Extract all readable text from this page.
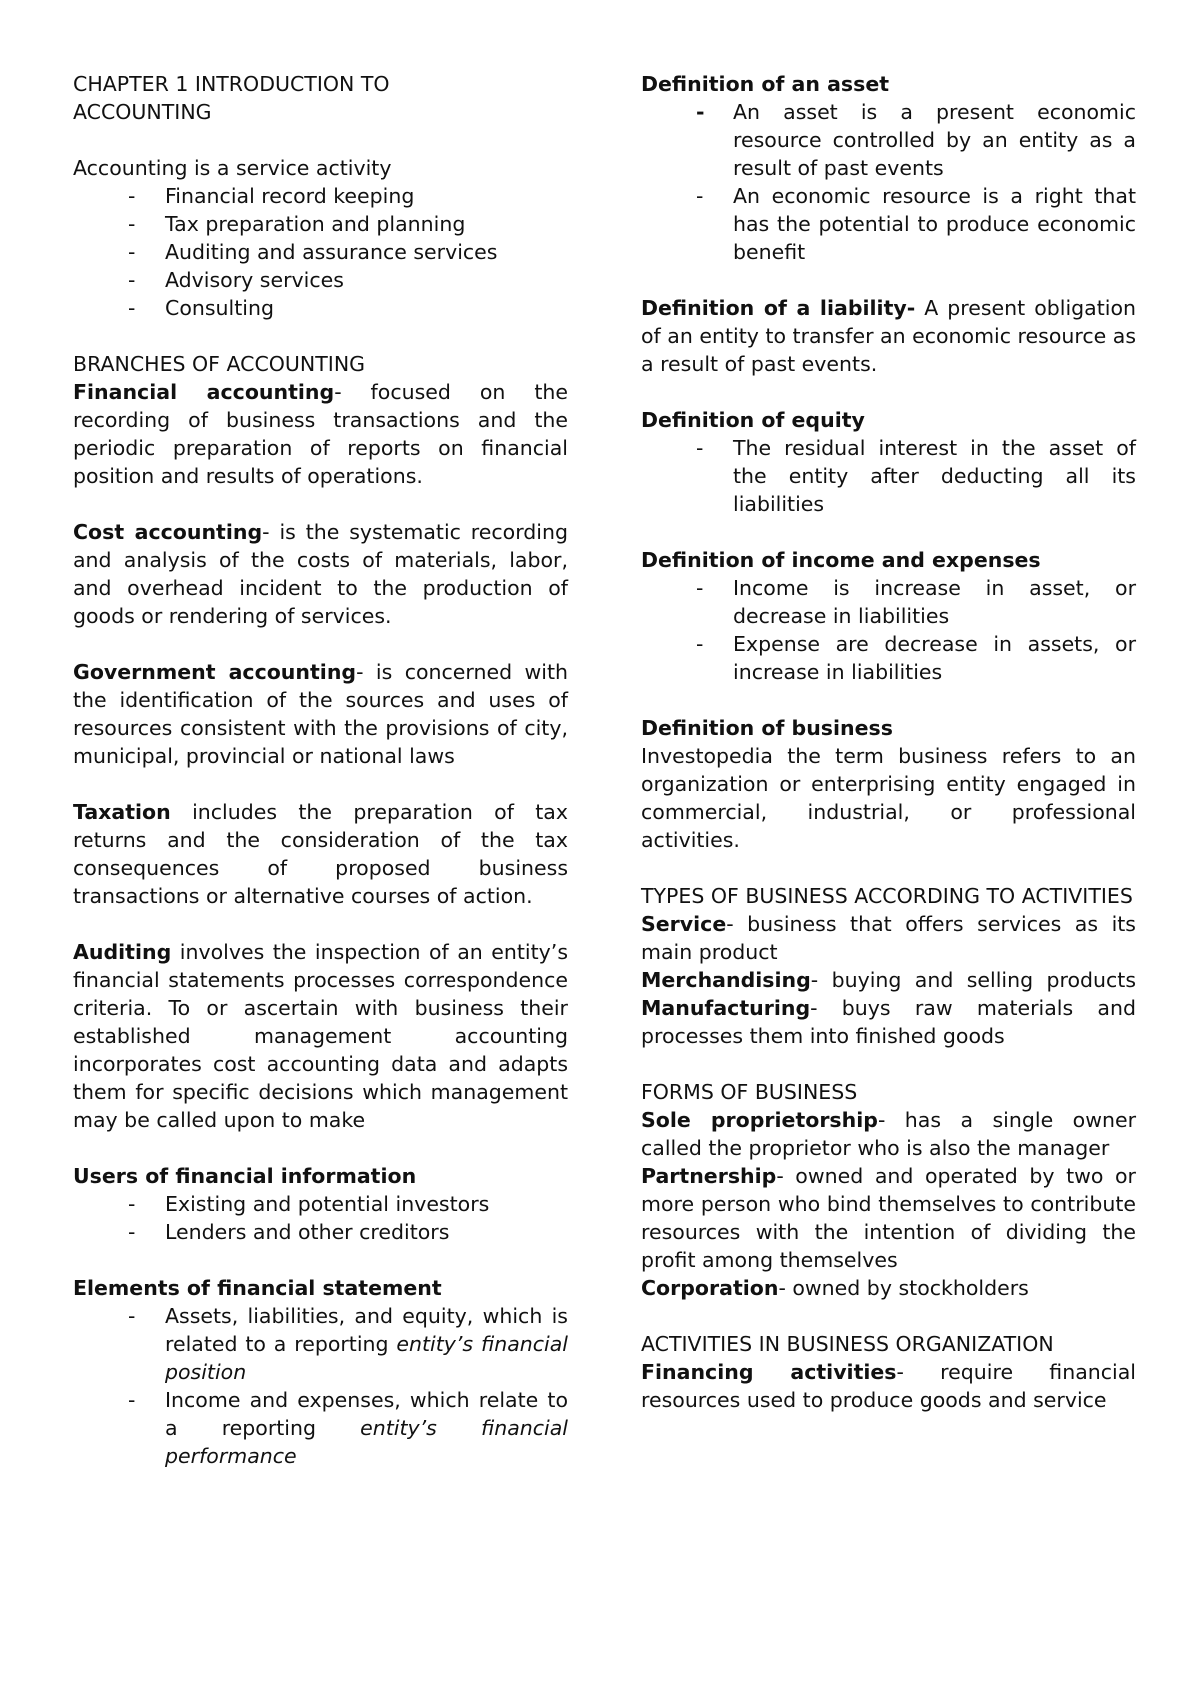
CHAPTER 1 INTRODUCTION TO
ACCOUNTING

Accounting is a service activity

- Financial record keeping
- Tax preparation and planning
- Auditing and assurance services
- Advisory services
- Consulting

BRANCHES OF ACCOUNTING

Financial accounting- focused on the recording of business transactions and the periodic preparation of reports on financial position and results of operations.

Cost accounting- is the systematic recording and analysis of the costs of materials, labor, and overhead incident to the production of goods or rendering of services.

Government accounting- is concerned with the identification of the sources and uses of resources consistent with the provisions of city, municipal, provincial or national laws

Taxation includes the preparation of tax returns and the consideration of the tax consequences of proposed business transactions or alternative courses of action.

Auditing involves the inspection of an entity’s financial statements processes correspondence criteria. To or ascertain with business their established management accounting incorporates cost accounting data and adapts them for specific decisions which management may be called upon to make

Users of financial information

- Existing and potential investors
- Lenders and other creditors

Elements of financial statement

- Assets, liabilities, and equity, which is related to a reporting entity’s financial position
- Income and expenses, which relate to a reporting entity’s financial performance

Definition of an asset

- An asset is a present economic resource controlled by an entity as a result of past events
- An economic resource is a right that has the potential to produce economic benefit

Definition of a liability- A present obligation of an entity to transfer an economic resource as a result of past events.

Definition of equity

- The residual interest in the asset of the entity after deducting all its liabilities

Definition of income and expenses

- Income is increase in asset, or decrease in liabilities
- Expense are decrease in assets, or increase in liabilities

Definition of business

Investopedia the term business refers to an organization or enterprising entity engaged in commercial, industrial, or professional activities.

TYPES OF BUSINESS ACCORDING TO ACTIVITIES

Service- business that offers services as its main product

Merchandising- buying and selling products Manufacturing- buys raw materials and processes them into finished goods

FORMS OF BUSINESS

Sole proprietorship- has a single owner called the proprietor who is also the manager

Partnership- owned and operated by two or more person who bind themselves to contribute resources with the intention of dividing the profit among themselves

Corporation- owned by stockholders

ACTIVITIES IN BUSINESS ORGANIZATION

Financing activities- require financial resources used to produce goods and service
